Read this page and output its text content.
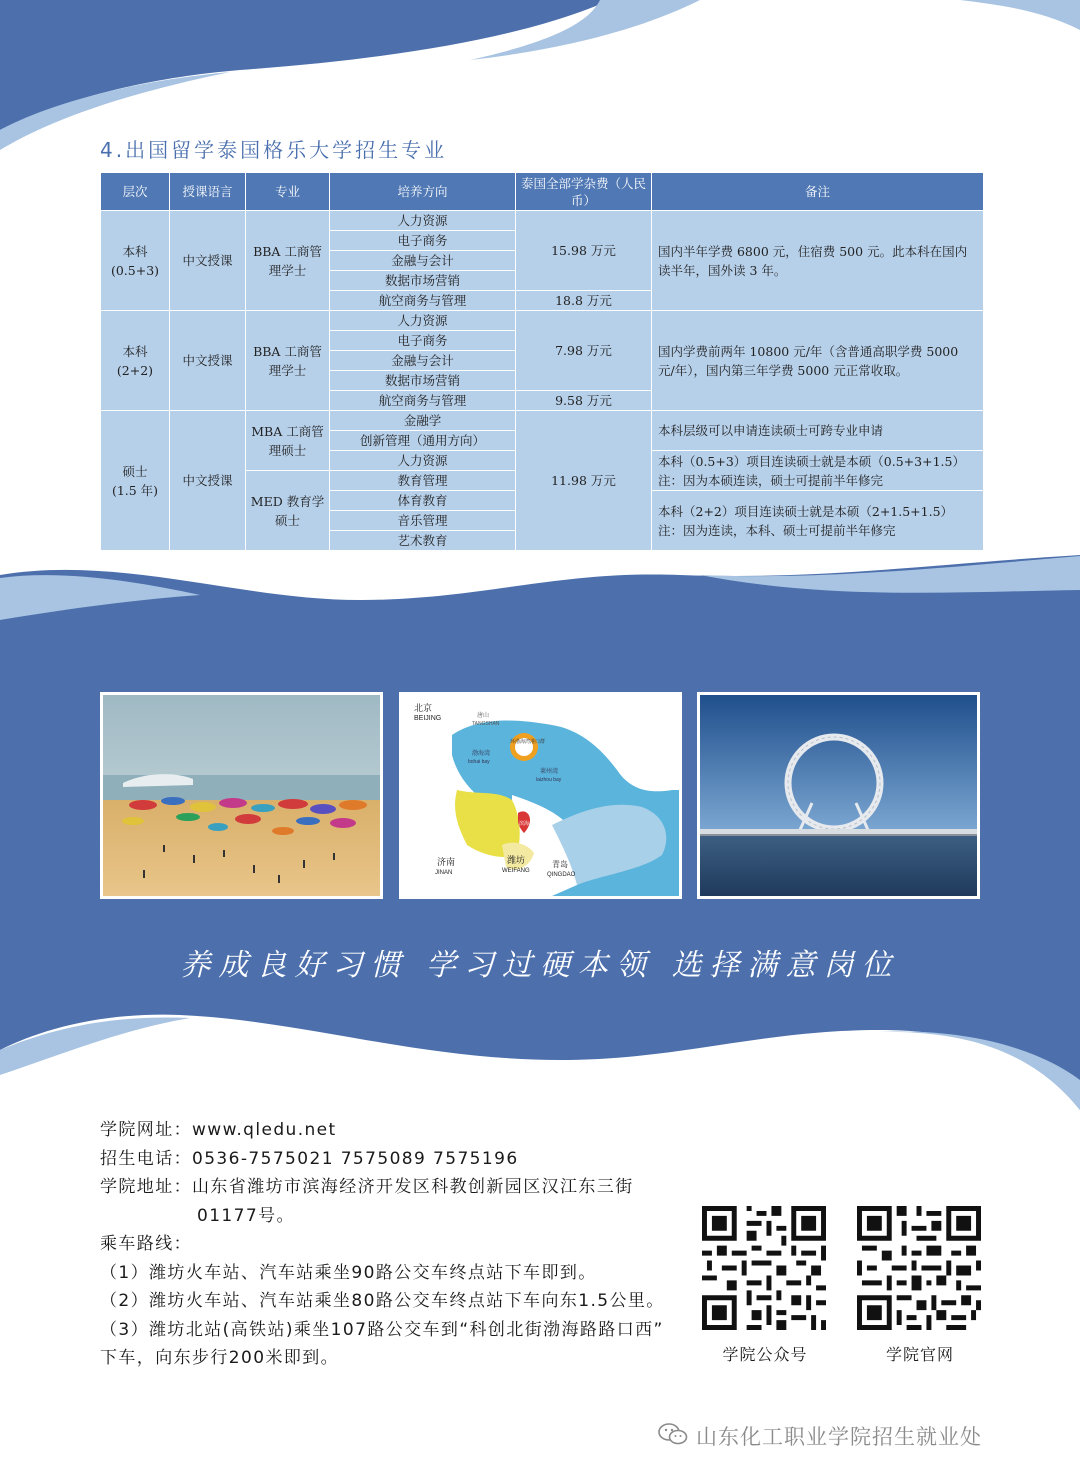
4.出国留学泰国格乐大学招生专业
层次	授课语言	专业	培养方向	泰国全部学杂费（人民币）	备注
本科
(0.5+3)	中文授课	BBA 工商管理学士	人力资源	15.98 万元	国内半年学费 6800 元，住宿费 500 元。此本科在国内读半年，国外读 3 年。
			电子商务		
			金融与会计		
			数据市场营销		
			航空商务与管理	18.8 万元	
本科
(2+2)	中文授课	BBA 工商管理学士	人力资源	7.98 万元	国内学费前两年 10800 元/年（含普通高职学费 5000 元/年），国内第三年学费 5000 元正常收取。
			电子商务		
			金融与会计		
			数据市场营销		
			航空商务与管理	9.58 万元	
硕士
(1.5 年)	中文授课	MBA 工商管理硕士	金融学	11.98 万元	本科层级可以申请连读硕士可跨专业申请
			创新管理（通用方向）		
			人力资源		本科（0.5+3）项目连读硕士就是本硕（0.5+3+1.5）
注：因为本硕连读，硕士可提前半年修完
		MED 教育学硕士	教育管理		
			体育教育		本科（2+2）项目连读硕士就是本硕（2+1.5+1.5）
注：因为连读，本科、硕士可提前半年修完
			音乐管理		
			艺术教育		
北京
BEIJING	唐山
TANGSHAN
渤海湾
bohai bay
环渤海湾港口群
莱州湾
laizhou bay
滨海
济南
JINAN
潍坊
WEIFANG
青岛
QINGDAO

养成良好习惯 学习过硬本领 选择满意岗位

学院网址：www.qledu.net

招生电话：0536-7575021 7575089 7575196

学院地址：山东省潍坊市滨海经济开发区科教创新园区汉江东三街

01177号。

乘车路线：

（1）潍坊火车站、汽车站乘坐90路公交车终点站下车即到。

（2）潍坊火车站、汽车站乘坐80路公交车终点站下车向东1.5公里。

（3）潍坊北站(高铁站)乘坐107路公交车到“科创北街渤海路路口西”

下车，向东步行200米即到。	学院公众号	学院官网
山东化工职业学院招生就业处
